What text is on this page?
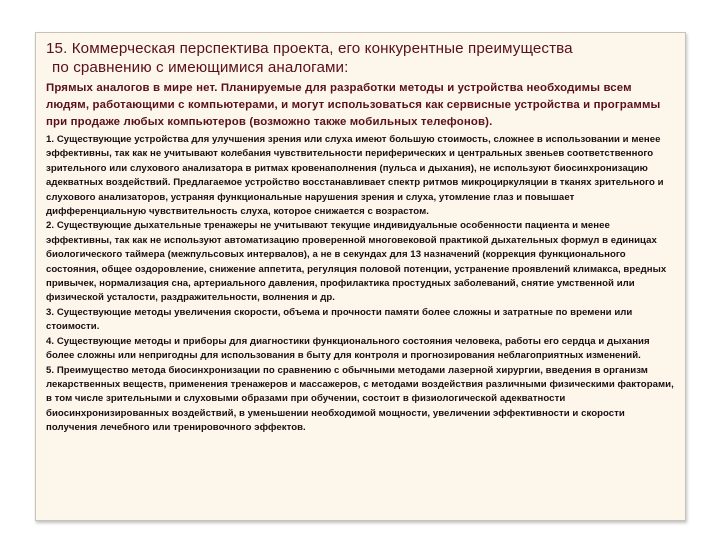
15. Коммерческая перспектива проекта, его конкурентные преимущества
по сравнению с имеющимися аналогами:

Прямых аналогов в мире нет. Планируемые для разработки методы и устройства необходимы всем людям, работающими с компьютерами, и могут использоваться как сервисные устройства и программы при продаже любых компьютеров (возможно также мобильных телефонов).

1. Существующие устройства для улучшения зрения или слуха имеют большую стоимость, сложнее в использовании и менее эффективны, так как не учитывают колебания чувствительности периферических и центральных звеньев соответственного зрительного или слухового анализатора в ритмах кровенаполнения (пульса и дыхания), не используют биосинхронизацию адекватных воздействий. Предлагаемое устройство восстанавливает спектр ритмов микроциркуляции в тканях зрительного и слухового анализаторов, устраняя функциональные нарушения зрения и слуха, утомление глаз и повышает дифференциальную чувствительность слуха, которое снижается с возрастом.

2. Существующие дыхательные тренажеры не учитывают текущие индивидуальные особенности пациента и менее эффективны, так как не используют автоматизацию проверенной многовековой практикой дыхательных формул в единицах биологического таймера (межпульсовых интервалов), а не в секундах для 13 назначений (коррекция функционального состояния, общее оздоровление, снижение аппетита, регуляция половой потенции, устранение проявлений климакса, вредных привычек, нормализация сна, артериального давления, профилактика простудных заболеваний, снятие умственной или физической усталости, раздражительности, волнения и др.

3. Существующие методы увеличения скорости, объема и прочности памяти более сложны и затратные по времени или стоимости.

4. Существующие методы и приборы для диагностики функционального состояния человека, работы его сердца и дыхания более сложны или непригодны для использования в быту для контроля и прогнозирования неблагоприятных изменений.

5. Преимущество метода биосинхронизации по сравнению с обычными методами лазерной хирургии, введения в организм лекарственных веществ, применения тренажеров и массажеров, с методами воздействия различными физическими факторами, в том числе зрительными и слуховыми образами при обучении, состоит в физиологической адекватности биосинхронизированных воздействий, в уменьшении необходимой мощности, увеличении эффективности и скорости получения лечебного или тренировочного эффектов.
